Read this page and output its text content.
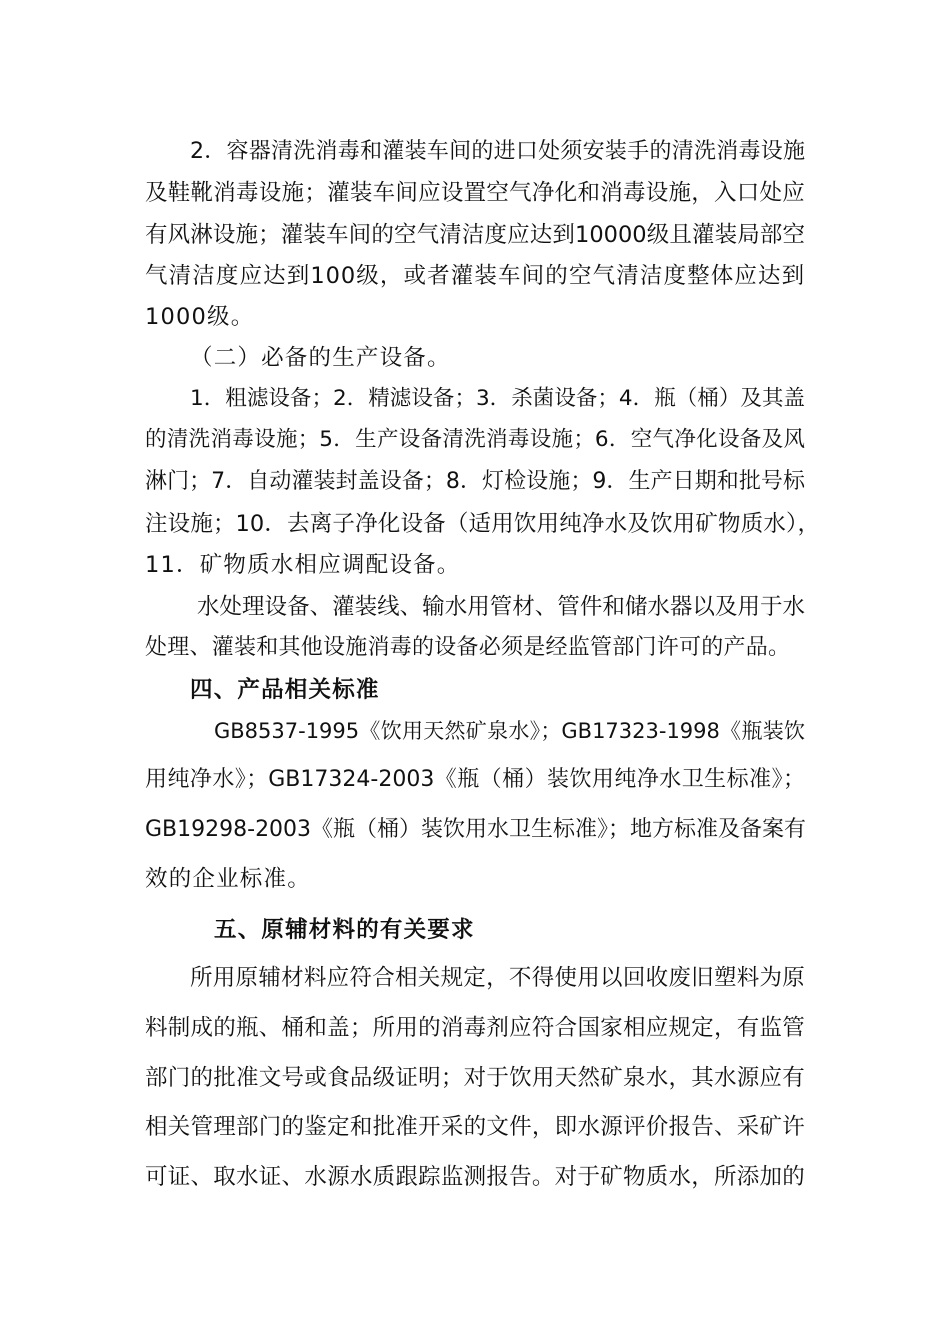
2．容器清洗消毒和灌装车间的进口处须安装手的清洗消毒设施
及鞋靴消毒设施；灌装车间应设置空气净化和消毒设施，入口处应
有风淋设施；灌装车间的空气清洁度应达到10000级且灌装局部空
气清洁度应达到100级，或者灌装车间的空气清洁度整体应达到
1000级。
（二）必备的生产设备。
1．粗滤设备；2．精滤设备；3．杀菌设备；4．瓶（桶）及其盖
的清洗消毒设施；5．生产设备清洗消毒设施；6．空气净化设备及风
淋门；7．自动灌装封盖设备；8．灯检设施；9．生产日期和批号标
注设施；10．去离子净化设备（适用饮用纯净水及饮用矿物质水），
11．矿物质水相应调配设备。
水处理设备、灌装线、输水用管材、管件和储水器以及用于水
处理、灌装和其他设施消毒的设备必须是经监管部门许可的产品。
四、产品相关标准
GB8537-1995《饮用天然矿泉水》；GB17323-1998《瓶装饮
用纯净水》；GB17324-2003《瓶（桶）装饮用纯净水卫生标准》；
GB19298-2003《瓶（桶）装饮用水卫生标准》；地方标准及备案有
效的企业标准。
五、原辅材料的有关要求
所用原辅材料应符合相关规定，不得使用以回收废旧塑料为原
料制成的瓶、桶和盖；所用的消毒剂应符合国家相应规定，有监管
部门的批准文号或食品级证明；对于饮用天然矿泉水，其水源应有
相关管理部门的鉴定和批准开采的文件，即水源评价报告、采矿许
可证、取水证、水源水质跟踪监测报告。对于矿物质水，所添加的
